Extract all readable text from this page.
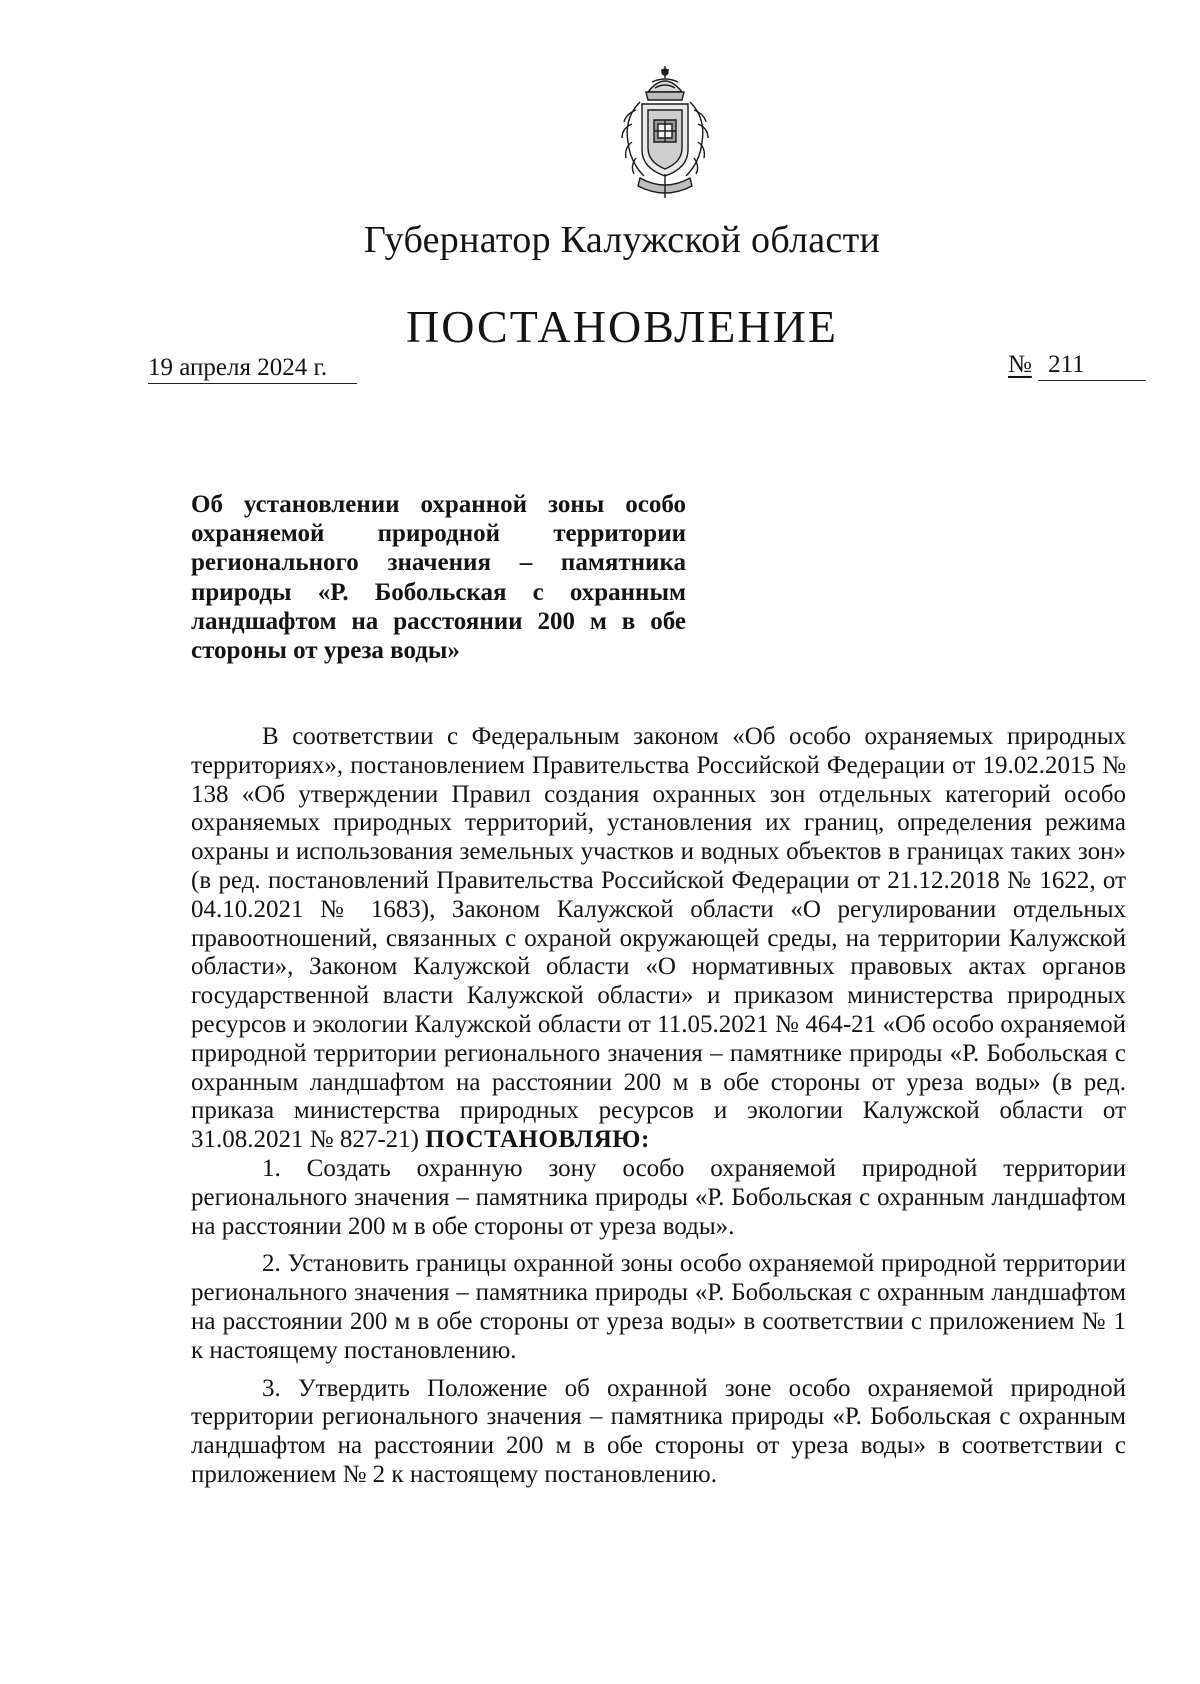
Губернатор Калужской области
ПОСТАНОВЛЕНИЕ
19 апреля 2024 г.	№ 211
Об установлении охранной зоны особо охраняемой природной территории регионального значения – памятника природы «Р. Бобольская с охранным ландшафтом на расстоянии 200 м в обе стороны от уреза воды»

В соответствии с Федеральным законом «Об особо охраняемых природных территориях», постановлением Правительства Российской Федерации от 19.02.2015 № 138 «Об утверждении Правил создания охранных зон отдельных категорий особо охраняемых природных территорий, установления их границ, определения режима охраны и использования земельных участков и водных объектов в границах таких зон» (в ред. постановлений Правительства Российской Федерации от 21.12.2018 № 1622, от 04.10.2021 № 1683), Законом Калужской области «О регулировании отдельных правоотношений, связанных с охраной окружающей среды, на территории Калужской области», Законом Калужской области «О нормативных правовых актах органов государственной власти Калужской области» и приказом министерства природных ресурсов и экологии Калужской области от 11.05.2021 № 464-21 «Об особо охраняемой природной территории регионального значения – памятнике природы «Р. Бобольская с охранным ландшафтом на расстоянии 200 м в обе стороны от уреза воды» (в ред. приказа министерства природных ресурсов и экологии Калужской области от 31.08.2021 № 827-21) ПОСТАНОВЛЯЮ:

1. Создать охранную зону особо охраняемой природной территории регионального значения – памятника природы «Р. Бобольская с охранным ландшафтом на расстоянии 200 м в обе стороны от уреза воды».

2. Установить границы охранной зоны особо охраняемой природной территории регионального значения – памятника природы «Р. Бобольская с охранным ландшафтом на расстоянии 200 м в обе стороны от уреза воды» в соответствии с приложением № 1 к настоящему постановлению.

3. Утвердить Положение об охранной зоне особо охраняемой природной территории регионального значения – памятника природы «Р. Бобольская с охранным ландшафтом на расстоянии 200 м в обе стороны от уреза воды» в соответствии с приложением № 2 к настоящему постановлению.
